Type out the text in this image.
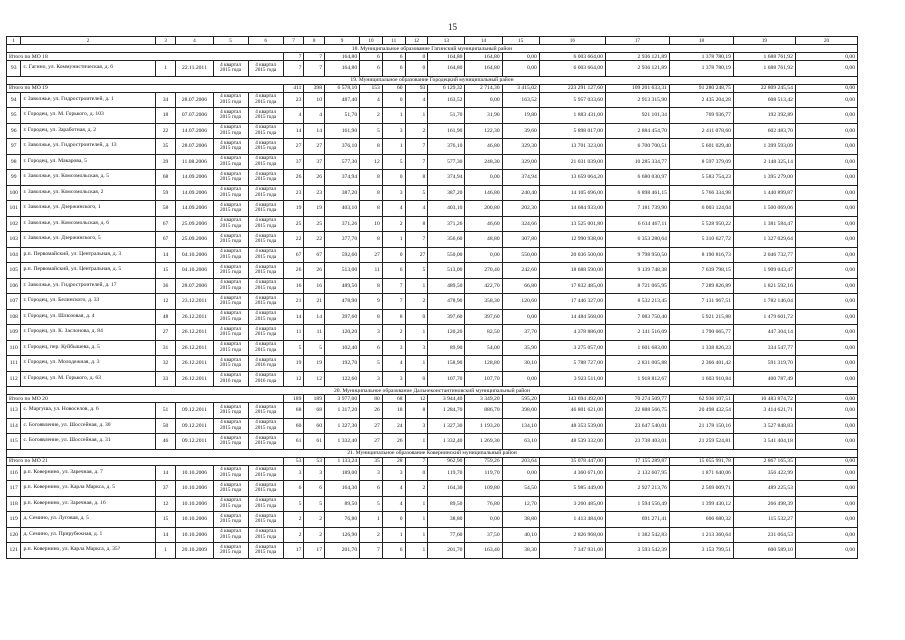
15
1	2	3	4	5	6	7	8	9	10	11	12	13	14	15	16	17	18	19	20
18. Муниципальное образование Гагинский муниципальный район																			
Итого по МО 18						7	7	164,80	6	6	0	164,80	164,80	0,00	6 003 664,00	2 936 121,89	1 378 780,19	1 688 761,92	0,00
93	с. Гагино, ул. Коммунистическая, д. 6	1	22.11.2011	4 квартал 2015 года	4 квартал 2015 года	7	7	164,80	6	6	0	164,80	164,80	0,00	6 003 664,00	2 936 121,89	1 378 780,19	1 688 761,92	0,00
19. Муниципальное образование Городецкий муниципальный район																			
Итого по МО 19						411	398	6 578,10	153	60	93	6 129,32	2 714,30	3 415,02	223 291 127,60	109 201 633,31	91 280 248,75	22 809 245,54	0,00
94	г. Заволжье, ул. Гидростроителей, д. 1	34	28.07.2006	4 квартал 2015 года	4 квартал 2015 года	23	10	487,40	4	0	4	163,52	0,00	163,52	5 957 033,60	2 913 315,90	2 435 204,28	608 513,42	0,00
95	г. Городец, ул. М. Горького, д. 103	18	07.07.2006	4 квартал 2015 года	4 квартал 2015 года	4	4	51,70	2	1	1	51,70	31,90	19,80	1 883 431,00	921 101,34	769 936,77	192 392,89	0,00
96	г. Городец, ул. Заработная, д. 2	22	14.07.2006	4 квартал 2015 года	4 квартал 2015 года	14	14	161,90	5	3	2	161,90	122,30	39,60	5 898 017,00	2 884 454,70	2 411 078,60	602 483,70	0,00
97	г. Заволжье, ул. Гидростроителей, д. 13	35	28.07.2006	4 квартал 2015 года	4 квартал 2015 года	27	27	376,10	8	1	7	376,10	46,80	329,30	13 701 323,00	6 700 700,51	5 601 029,40	1 399 593,09	0,00
98	г. Городец, ул. Макарова, 5	39	11.08.2006	4 квартал 2015 года	4 квартал 2015 года	37	37	577,30	12	5	7	577,30	248,30	329,00	21 031 039,00	10 285 334,77	8 597 379,09	2 148 325,14	0,00
99	г. Заволжье, ул. Комсомольская, д. 5	68	14.09.2006	4 квартал 2015 года	4 квартал 2015 года	26	26	374,94	8	0	8	374,94	0,00	374,94	13 659 064,20	6 680 030,97	5 583 754,23	1 395 279,00	0,00
100	г. Заволжье, ул. Комсомольская, 2	59	14.09.2006	4 квартал 2015 года	4 квартал 2015 года	23	23	387,20	8	3	5	387,20	146,80	240,40	14 105 696,00	6 898 461,15	5 766 334,98	1 440 899,87	0,00
101	г. Заволжье, ул. Дзержинского, 1	58	14.09.2006	4 квартал 2015 года	4 квартал 2015 года	19	19	403,10	8	4	4	403,10	200,80	202,30	14 684 933,00	7 181 739,90	6 003 124,04	1 500 069,06	0,00
102	г. Заволжье, ул. Комсомольская, д. 6	67	25.09.2006	4 квартал 2015 года	4 квартал 2015 года	25	25	371,26	10	2	8	371,26	46,60	324,66	13 525 001,80	6 614 467,11	5 528 950,22	1 381 584,47	0,00
103	г. Заволжье, ул. Дзержинского, 5	67	25.09.2006	4 квартал 2015 года	4 квартал 2015 года	22	22	377,70	8	1	7	356,60	48,80	307,80	12 990 938,00	6 353 280,64	5 310 627,72	1 327 029,64	0,00
104	р.п. Первомайский, ул. Центральная, д. 3	14	04.10.2006	4 квартал 2015 года	4 квартал 2015 года	67	67	592,60	27	0	27	550,00	0,00	550,00	20 036 500,00	9 798 950,50	8 190 816,73	2 046 732,77	0,00
105	р.п. Первомайский, ул. Центральная, д. 5	15	04.10.2006	4 квартал 2015 года	4 квартал 2015 года	26	26	513,00	11	6	5	513,00	270,40	242,60	18 688 590,00	9 139 748,38	7 639 798,15	1 909 043,47	0,00
106	г. Заволжье, ул. Гидростроителей, д. 17	36	28.07.2006	4 квартал 2015 года	4 квартал 2015 года	16	16	489,50	8	7	1	489,50	422,70	66,80	17 832 485,00	8 721 065,95	7 289 826,89	1 821 592,16	0,00
107	г. Городец, ул. Белинского, д. 33	12	23.12.2011	4 квартал 2015 года	4 квартал 2015 года	21	21	478,90	9	7	2	478,90	358,30	120,60	17 446 327,00	8 532 213,45	7 131 967,51	1 782 146,04	0,00
108	г. Городец, ул. Шлюзовая, д. 4	48	26.12.2011	4 квартал 2015 года	4 квартал 2015 года	14	14	397,60	8	8	0	397,60	397,60	0,00	14 484 568,00	7 083 750,40	5 921 215,88	1 479 601,72	0,00
109	г. Городец, ул. К. Заслонова, д. 84	27	26.12.2011	4 квартал 2015 года	4 квартал 2015 года	11	11	120,20	3	2	1	120,20	82,50	37,70	4 378 886,00	2 141 516,09	1 790 065,77	447 304,14	0,00
110	г. Городец, пер. Куйбышева, д. 5	31	26.12.2011	4 квартал 2015 года	4 квартал 2015 года	5	5	102,40	6	3	3	89,90	54,00	35,90	3 275 057,00	1 601 683,00	1 338 826,23	334 547,77	0,00
111	г. Городец, ул. Молодежная, д. 3	32	26.12.2011	4 квартал 2015 года	4 квартал 2016 года	19	19	192,70	5	4	1	158,90	128,80	30,10	5 788 727,00	2 831 005,88	2 366 401,42	591 319,70	0,00
112	г. Городец, ул. М. Горького, д. 63	33	26.12.2011	4 квартал 2016 года	4 квартал 2016 года	12	12	122,60	3	3	0	107,70	107,70	0,00	3 923 511,00	1 918 812,67	1 603 910,84	400 787,49	0,00
20. Муниципальное образование Дальнеконстантиновский муниципальный район																			
Итого по МО 20						189	189	3 977,00	80	68	12	3 944,40	3 349,20	595,20	143 694 492,00	70 274 509,77	62 936 107,51	10 483 874,72	0,00
113	с. Маргуша, ул. Новоселов, д. 6	51	09.12.2011	4 квартал 2015 года	4 квартал 2015 года	68	68	1 317,20	26	18	8	1 284,70	886,70	398,00	46 801 621,00	22 888 566,75	20 498 432,54	3 414 621,71	0,00
114	с. Богоявление, ул. Шоссейная, д. 30	50	09.12.2011	4 квартал 2015 года	4 квартал 2015 года	60	60	1 327,30	27	24	3	1 327,30	1 193,20	134,10	48 353 539,00	23 647 540,01	21 178 150,16	3 527 848,83	0,00
115	с. Богоявление, ул. Шоссейная, д. 31	46	09.12.2011	4 квартал 2015 года	4 квартал 2015 года	61	61	1 332,40	27	26	1	1 332,40	1 269,30	63,10	48 539 332,00	23 738 403,01	21 259 524,81	3 541 404,18	0,00
21. Муниципальное образование Ковернинский муниципальный район																			
Итого по МО 21						53	53	1 133,24	35	28	7	962,90	759,26	203,64	35 078 447,00	17 155 289,87	15 055 991,78	2 867 165,35	0,00
116	р.п. Ковернино, ул. Заречная, д. 7	14	10.10.2006	4 квартал 2015 года	4 квартал 2015 года	3	3	189,00	3	3	0	119,70	119,70	0,00	4 360 671,00	2 132 607,95	1 871 640,06	356 422,99	0,00
117	р.п. Ковернино, ул. Карла Маркса, д. 5	37	10.10.2006	4 квартал 2015 года	4 квартал 2015 года	6	6	164,30	6	4	2	164,30	109,80	54,50	5 985 449,00	2 927 213,76	2 569 009,71	489 225,53	0,00
118	р.п. Ковернино, ул. Заречная, д. 16	12	10.10.2006	4 квартал 2015 года	4 квартал 2015 года	5	5	89,50	5	4	1	89,50	76,80	12,70	3 260 485,00	1 594 556,49	1 399 430,12	266 498,39	0,00
119	д. Семино, ул. Луговая, д. 5	15	10.10.2006	4 квартал 2015 года	4 квартал 2015 года	2	2	76,80	1	0	1	38,80	0,00	38,80	1 413 484,00	691 271,41	606 680,32	115 532,27	0,00
120	д. Семино, ул. Прирубежная, д. 1	14	10.10.2006	4 квартал 2015 года	4 квартал 2015 года	2	2	126,90	2	1	1	77,60	37,50	40,10	2 826 968,00	1 382 542,83	1 213 360,64	231 064,53	0,00
121	р.п. Ковернино, ул. Карла Маркса, д. 35?	1	20.10.2009	4 квартал 2015 года	4 квартал 2015 года	17	17	201,70	7	6	1	201,70	163,40	38,30	7 347 931,00	3 593 542,39	3 153 799,51	600 589,10	0,00
